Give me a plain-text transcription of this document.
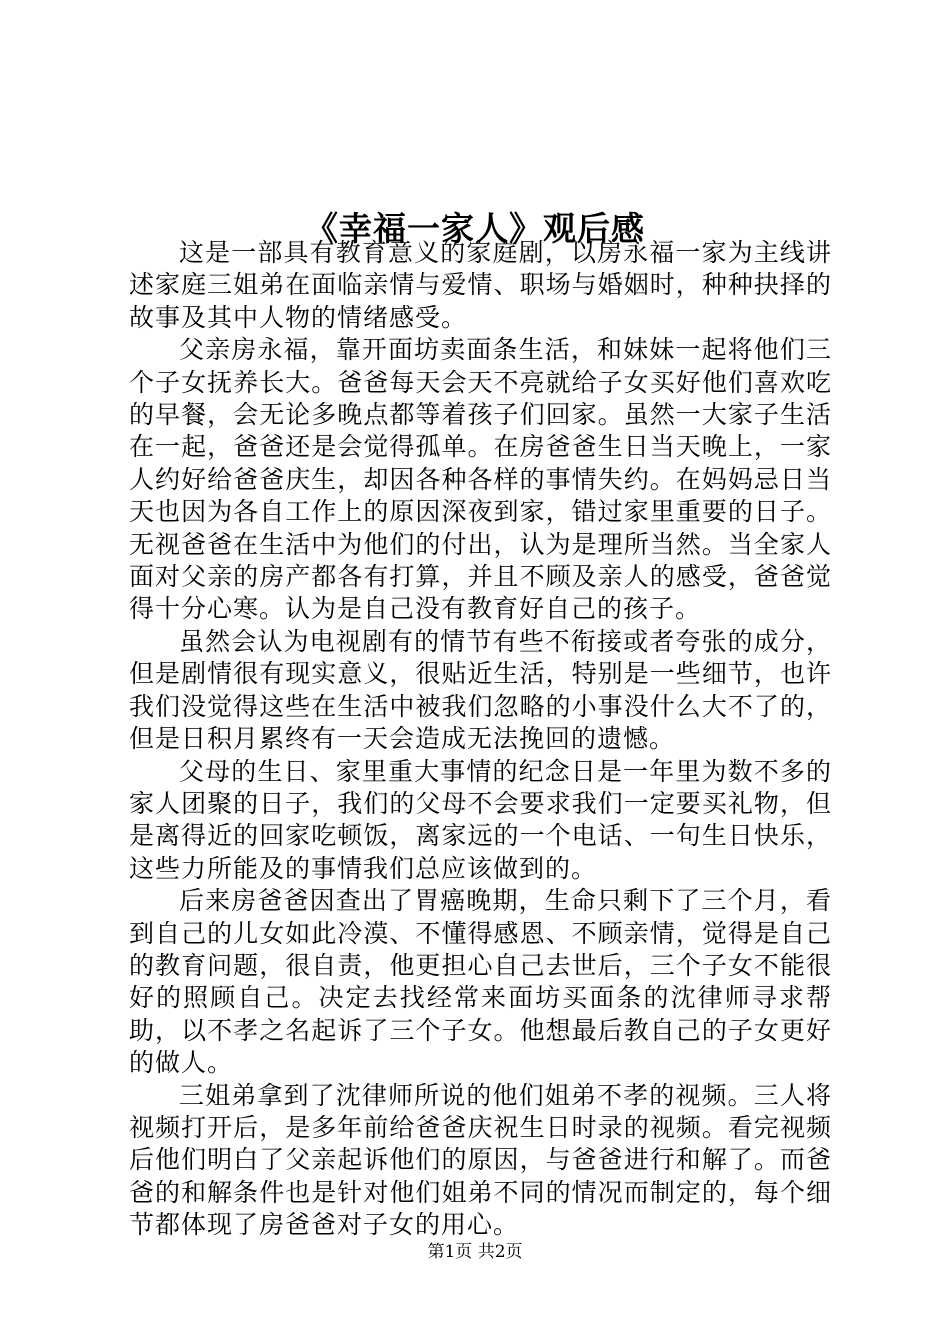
《幸福一家人》观后感

这是一部具有教育意义的家庭剧，以房永福一家为主线讲述家庭三姐弟在面临亲情与爱情、职场与婚姻时，种种抉择的故事及其中人物的情绪感受。

父亲房永福，靠开面坊卖面条生活，和妹妹一起将他们三个子女抚养长大。爸爸每天会天不亮就给子女买好他们喜欢吃的早餐，会无论多晚点都等着孩子们回家。虽然一大家子生活在一起，爸爸还是会觉得孤单。在房爸爸生日当天晚上，一家人约好给爸爸庆生，却因各种各样的事情失约。在妈妈忌日当天也因为各自工作上的原因深夜到家，错过家里重要的日子。无视爸爸在生活中为他们的付出，认为是理所当然。当全家人面对父亲的房产都各有打算，并且不顾及亲人的感受，爸爸觉得十分心寒。认为是自己没有教育好自己的孩子。

虽然会认为电视剧有的情节有些不衔接或者夸张的成分，但是剧情很有现实意义，很贴近生活，特别是一些细节，也许我们没觉得这些在生活中被我们忽略的小事没什么大不了的，但是日积月累终有一天会造成无法挽回的遗憾。

父母的生日、家里重大事情的纪念日是一年里为数不多的家人团聚的日子，我们的父母不会要求我们一定要买礼物，但是离得近的回家吃顿饭，离家远的一个电话、一句生日快乐，这些力所能及的事情我们总应该做到的。

后来房爸爸因查出了胃癌晚期，生命只剩下了三个月，看到自己的儿女如此冷漠、不懂得感恩、不顾亲情，觉得是自己的教育问题，很自责，他更担心自己去世后，三个子女不能很好的照顾自己。决定去找经常来面坊买面条的沈律师寻求帮助，以不孝之名起诉了三个子女。他想最后教自己的子女更好的做人。

三姐弟拿到了沈律师所说的他们姐弟不孝的视频。三人将视频打开后，是多年前给爸爸庆祝生日时录的视频。看完视频后他们明白了父亲起诉他们的原因，与爸爸进行和解了。而爸爸的和解条件也是针对他们姐弟不同的情况而制定的，每个细节都体现了房爸爸对子女的用心。

第1页 共2页
